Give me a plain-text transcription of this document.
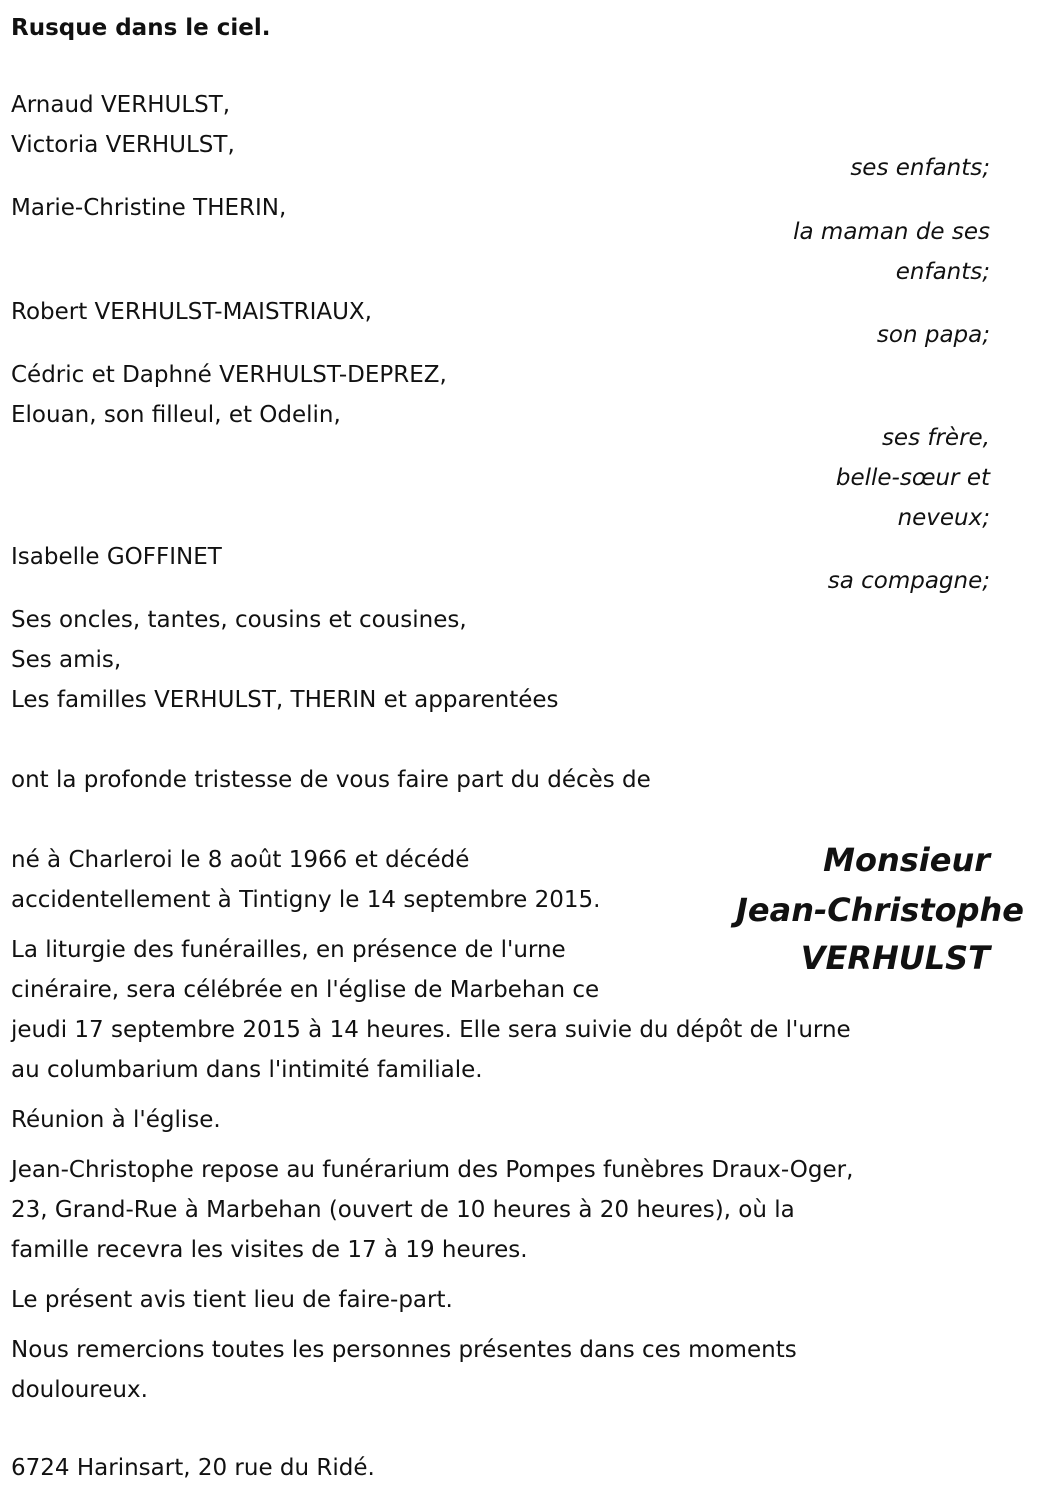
Rusque dans le ciel.
Arnaud VERHULST,
Victoria VERHULST,
ses enfants;
Marie-Christine THERIN,
la maman de ses
enfants;
Robert VERHULST-MAISTRIAUX,
son papa;
Cédric et Daphné VERHULST-DEPREZ,
Elouan, son filleul, et Odelin,
ses frère,
belle-sœur et
neveux;
Isabelle GOFFINET
sa compagne;
Ses oncles, tantes, cousins et cousines,
Ses amis,
Les familles VERHULST, THERIN et apparentées
ont la profonde tristesse de vous faire part du décès de
Monsieur
Jean-Christophe
VERHULST
né à Charleroi le 8 août 1966 et décédé
accidentellement à Tintigny le 14 septembre 2015.
La liturgie des funérailles, en présence de l'urne
cinéraire, sera célébrée en l'église de Marbehan ce
jeudi 17 septembre 2015 à 14 heures. Elle sera suivie du dépôt de l'urne
au columbarium dans l'intimité familiale.
Réunion à l'église.
Jean-Christophe repose au funérarium des Pompes funèbres Draux-Oger,
23, Grand-Rue à Marbehan (ouvert de 10 heures à 20 heures), où la
famille recevra les visites de 17 à 19 heures.
Le présent avis tient lieu de faire-part.
Nous remercions toutes les personnes présentes dans ces moments
douloureux.
6724 Harinsart, 20 rue du Ridé.
